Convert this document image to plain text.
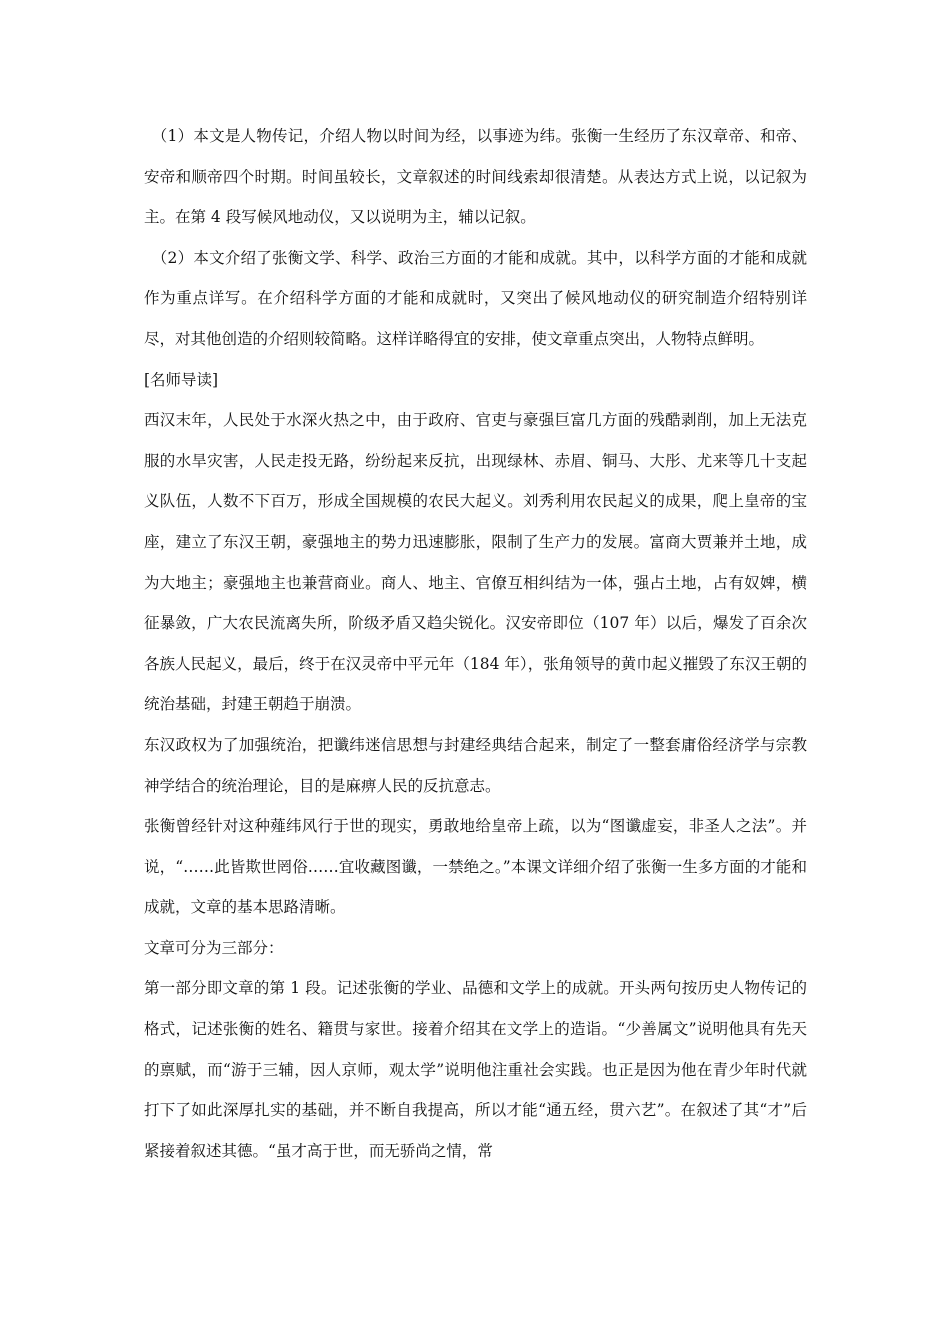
（1）本文是人物传记，介绍人物以时间为经，以事迹为纬。张衡一生经历了东汉章帝、和帝、安帝和顺帝四个时期。时间虽较长，文章叙述的时间线索却很清楚。从表达方式上说，以记叙为主。在第 4 段写候风地动仪，又以说明为主，辅以记叙。

（2）本文介绍了张衡文学、科学、政治三方面的才能和成就。其中，以科学方面的才能和成就作为重点详写。在介绍科学方面的才能和成就时，又突出了候风地动仪的研究制造介绍特别详尽，对其他创造的介绍则较简略。这样详略得宜的安排，使文章重点突出，人物特点鲜明。

[名师导读]

西汉末年，人民处于水深火热之中，由于政府、官吏与豪强巨富几方面的残酷剥削，加上无法克服的水旱灾害，人民走投无路，纷纷起来反抗，出现绿林、赤眉、铜马、大彤、尤来等几十支起义队伍，人数不下百万，形成全国规模的农民大起义。刘秀利用农民起义的成果，爬上皇帝的宝座，建立了东汉王朝，豪强地主的势力迅速膨胀，限制了生产力的发展。富商大贾兼并土地，成为大地主；豪强地主也兼营商业。商人、地主、官僚互相纠结为一体，强占土地，占有奴婢，横征暴敛，广大农民流离失所，阶级矛盾又趋尖锐化。汉安帝即位（107 年）以后，爆发了百余次各族人民起义，最后，终于在汉灵帝中平元年（184 年），张角领导的黄巾起义摧毁了东汉王朝的统治基础，封建王朝趋于崩溃。

东汉政权为了加强统治，把谶纬迷信思想与封建经典结合起来，制定了一整套庸俗经济学与宗教神学结合的统治理论，目的是麻痹人民的反抗意志。

张衡曾经针对这种薤纬风行于世的现实，勇敢地给皇帝上疏，以为“图谶虚妄，非圣人之法”。并说，“……此皆欺世罔俗……宜收藏图谶，一禁绝之。”本课文详细介绍了张衡一生多方面的才能和成就，文章的基本思路清晰。

文章可分为三部分：

第一部分即文章的第 1 段。记述张衡的学业、品德和文学上的成就。开头两句按历史人物传记的格式，记述张衡的姓名、籍贯与家世。接着介绍其在文学上的造诣。“少善属文”说明他具有先天的禀赋，而“游于三辅，因人京师，观太学”说明他注重社会实践。也正是因为他在青少年时代就打下了如此深厚扎实的基础，并不断自我提高，所以才能“通五经，贯六艺”。在叙述了其“才”后紧接着叙述其德。“虽才高于世，而无骄尚之情，常
